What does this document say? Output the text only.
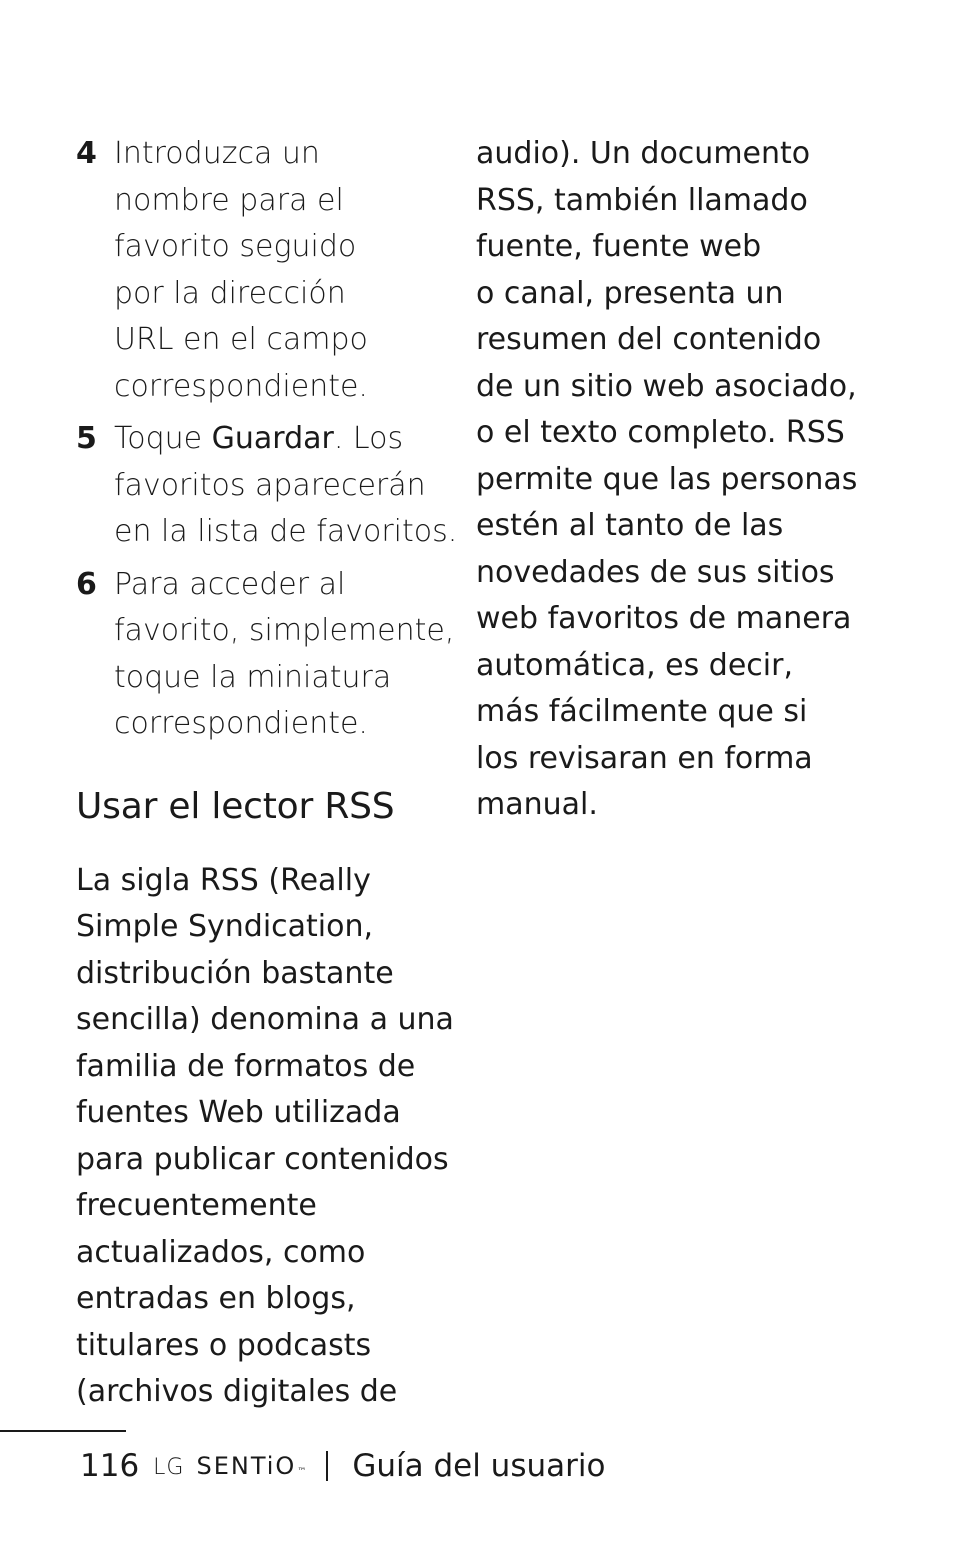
4 Introduzca un
nombre para el
favorito seguido
por la dirección
URL en el campo
correspondiente.
5 Toque Guardar. Los
favoritos aparecerán
en la lista de favoritos.
6 Para acceder al
favorito, simplemente,
toque la miniatura
correspondiente.
Usar el lector RSS
La sigla RSS (Really
Simple Syndication,
distribución bastante
sencilla) denomina a una
familia de formatos de
fuentes Web utilizada
para publicar contenidos
frecuentemente
actualizados, como
entradas en blogs,
titulares o podcasts
(archivos digitales de
audio). Un documento
RSS, también llamado
fuente, fuente web
o canal, presenta un
resumen del contenido
de un sitio web asociado,
o el texto completo. RSS
permite que las personas
estén al tanto de las
novedades de sus sitios
web favoritos de manera
automática, es decir,
más fácilmente que si
los revisaran en forma
manual.
116 LG SENTiO ™ Guía del usuario
